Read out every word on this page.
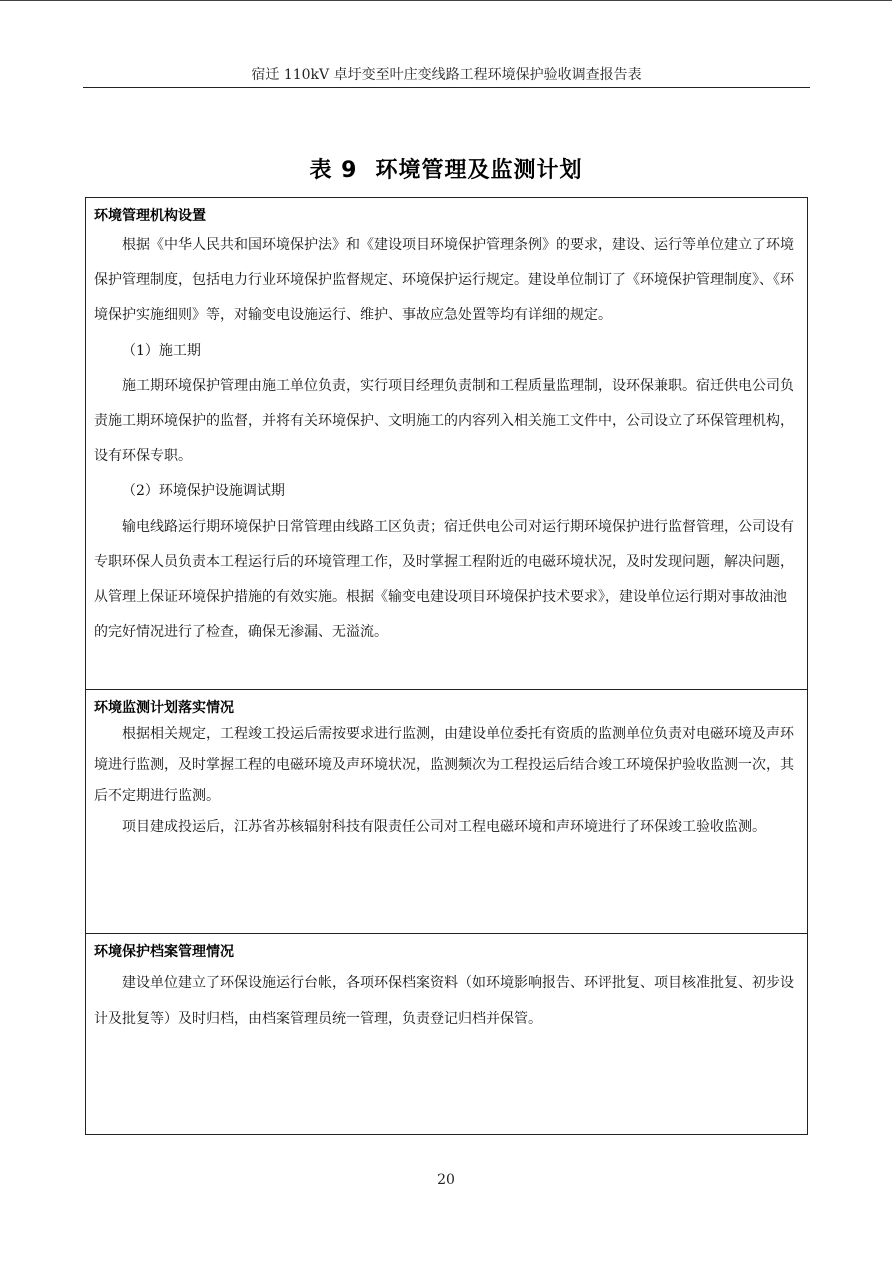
宿迁 110kV 卓圩变至叶庄变线路工程环境保护验收调查报告表
表 9 环境管理及监测计划
环境管理机构设置

根据《中华人民共和国环境保护法》和《建设项目环境保护管理条例》的要求，建设、运行等单位建立了环境保护管理制度，包括电力行业环境保护监督规定、环境保护运行规定。建设单位制订了《环境保护管理制度》、《环境保护实施细则》等，对输变电设施运行、维护、事故应急处置等均有详细的规定。

（1）施工期

施工期环境保护管理由施工单位负责，实行项目经理负责制和工程质量监理制，设环保兼职。宿迁供电公司负责施工期环境保护的监督，并将有关环境保护、文明施工的内容列入相关施工文件中，公司设立了环保管理机构，设有环保专职。

（2）环境保护设施调试期

输电线路运行期环境保护日常管理由线路工区负责；宿迁供电公司对运行期环境保护进行监督管理，公司设有专职环保人员负责本工程运行后的环境管理工作，及时掌握工程附近的电磁环境状况，及时发现问题，解决问题，从管理上保证环境保护措施的有效实施。根据《输变电建设项目环境保护技术要求》，建设单位运行期对事故油池的完好情况进行了检查，确保无渗漏、无溢流。

环境监测计划落实情况

根据相关规定，工程竣工投运后需按要求进行监测，由建设单位委托有资质的监测单位负责对电磁环境及声环境进行监测，及时掌握工程的电磁环境及声环境状况，监测频次为工程投运后结合竣工环境保护验收监测一次，其后不定期进行监测。

项目建成投运后，江苏省苏核辐射科技有限责任公司对工程电磁环境和声环境进行了环保竣工验收监测。

环境保护档案管理情况

建设单位建立了环保设施运行台帐，各项环保档案资料（如环境影响报告、环评批复、项目核准批复、初步设计及批复等）及时归档，由档案管理员统一管理，负责登记归档并保管。

20
